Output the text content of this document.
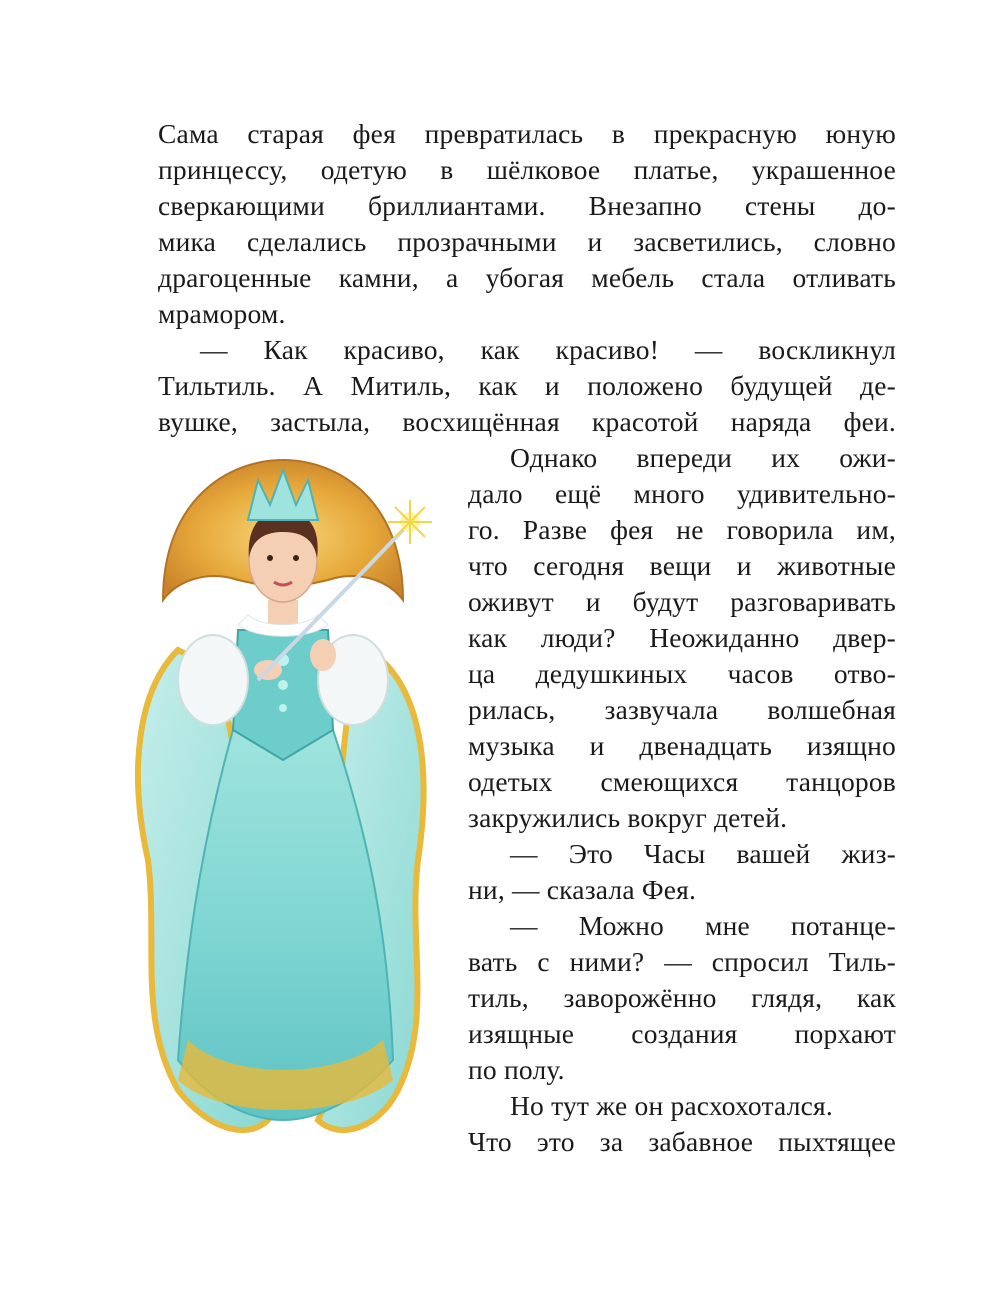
Сама старая фея превратилась в прекрасную юную
принцессу, одетую в шёлковое платье, украшенное
сверкающими бриллиантами. Внезапно стены до-
мика сделались прозрачными и засветились, словно
драгоценные камни, а убогая мебель стала отливать
мрамором.
— Как красиво, как красиво! — воскликнул
Тильтиль. А Митиль, как и положено будущей де-
вушке, застыла, восхищённая красотой наряда феи.
Однако впереди их ожи-
дало ещё много удивительно-
го. Разве фея не говорила им,
что сегодня вещи и животные
оживут и будут разговаривать
как люди? Неожиданно двер-
ца дедушкиных часов отво-
рилась, зазвучала волшебная
музыка и двенадцать изящно
одетых смеющихся танцоров
закружились вокруг детей.
— Это Часы вашей жиз-
ни, — сказала Фея.
— Можно мне потанце-
вать с ними? — спросил Тиль-
тиль, заворожённо глядя, как
изящные создания порхают
по полу.
Но тут же он расхохотался.
Что это за забавное пыхтящее
